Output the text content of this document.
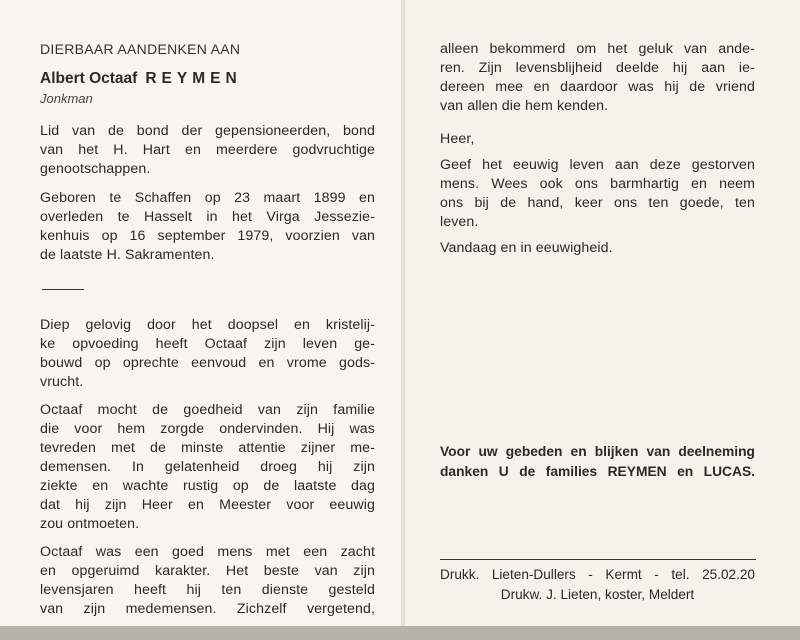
DIERBAAR AANDENKEN AAN
Albert Octaaf REYMEN
Jonkman
Lid van de bond der gepensioneerden, bond
van het H. Hart en meerdere godvruchtige
genootschappen.
Geboren te Schaffen op 23 maart 1899 en
overleden te Hasselt in het Virga Jessezie-
kenhuis op 16 september 1979, voorzien van
de laatste H. Sakramenten.
Diep gelovig door het doopsel en kristelij-
ke opvoeding heeft Octaaf zijn leven ge-
bouwd op oprechte eenvoud en vrome gods-
vrucht.
Octaaf mocht de goedheid van zijn familie
die voor hem zorgde ondervinden. Hij was
tevreden met de minste attentie zijner me-
demensen. In gelatenheid droeg hij zijn
ziekte en wachte rustig op de laatste dag
dat hij zijn Heer en Meester voor eeuwig
zou ontmoeten.
Octaaf was een goed mens met een zacht
en opgeruimd karakter. Het beste van zijn
levensjaren heeft hij ten dienste gesteld
van zijn medemensen. Zichzelf vergetend,
alleen bekommerd om het geluk van ande-
ren. Zijn levensblijheid deelde hij aan ie-
dereen mee en daardoor was hij de vriend
van allen die hem kenden.
Heer,
Geef het eeuwig leven aan deze gestorven
mens. Wees ook ons barmhartig en neem
ons bij de hand, keer ons ten goede, ten
leven.
Vandaag en in eeuwigheid.
Voor uw gebeden en blijken van deelneming
danken U de families REYMEN en LUCAS.
Drukk. Lieten-Dullers - Kermt - tel. 25.02.20
Drukw. J. Lieten, koster, Meldert
